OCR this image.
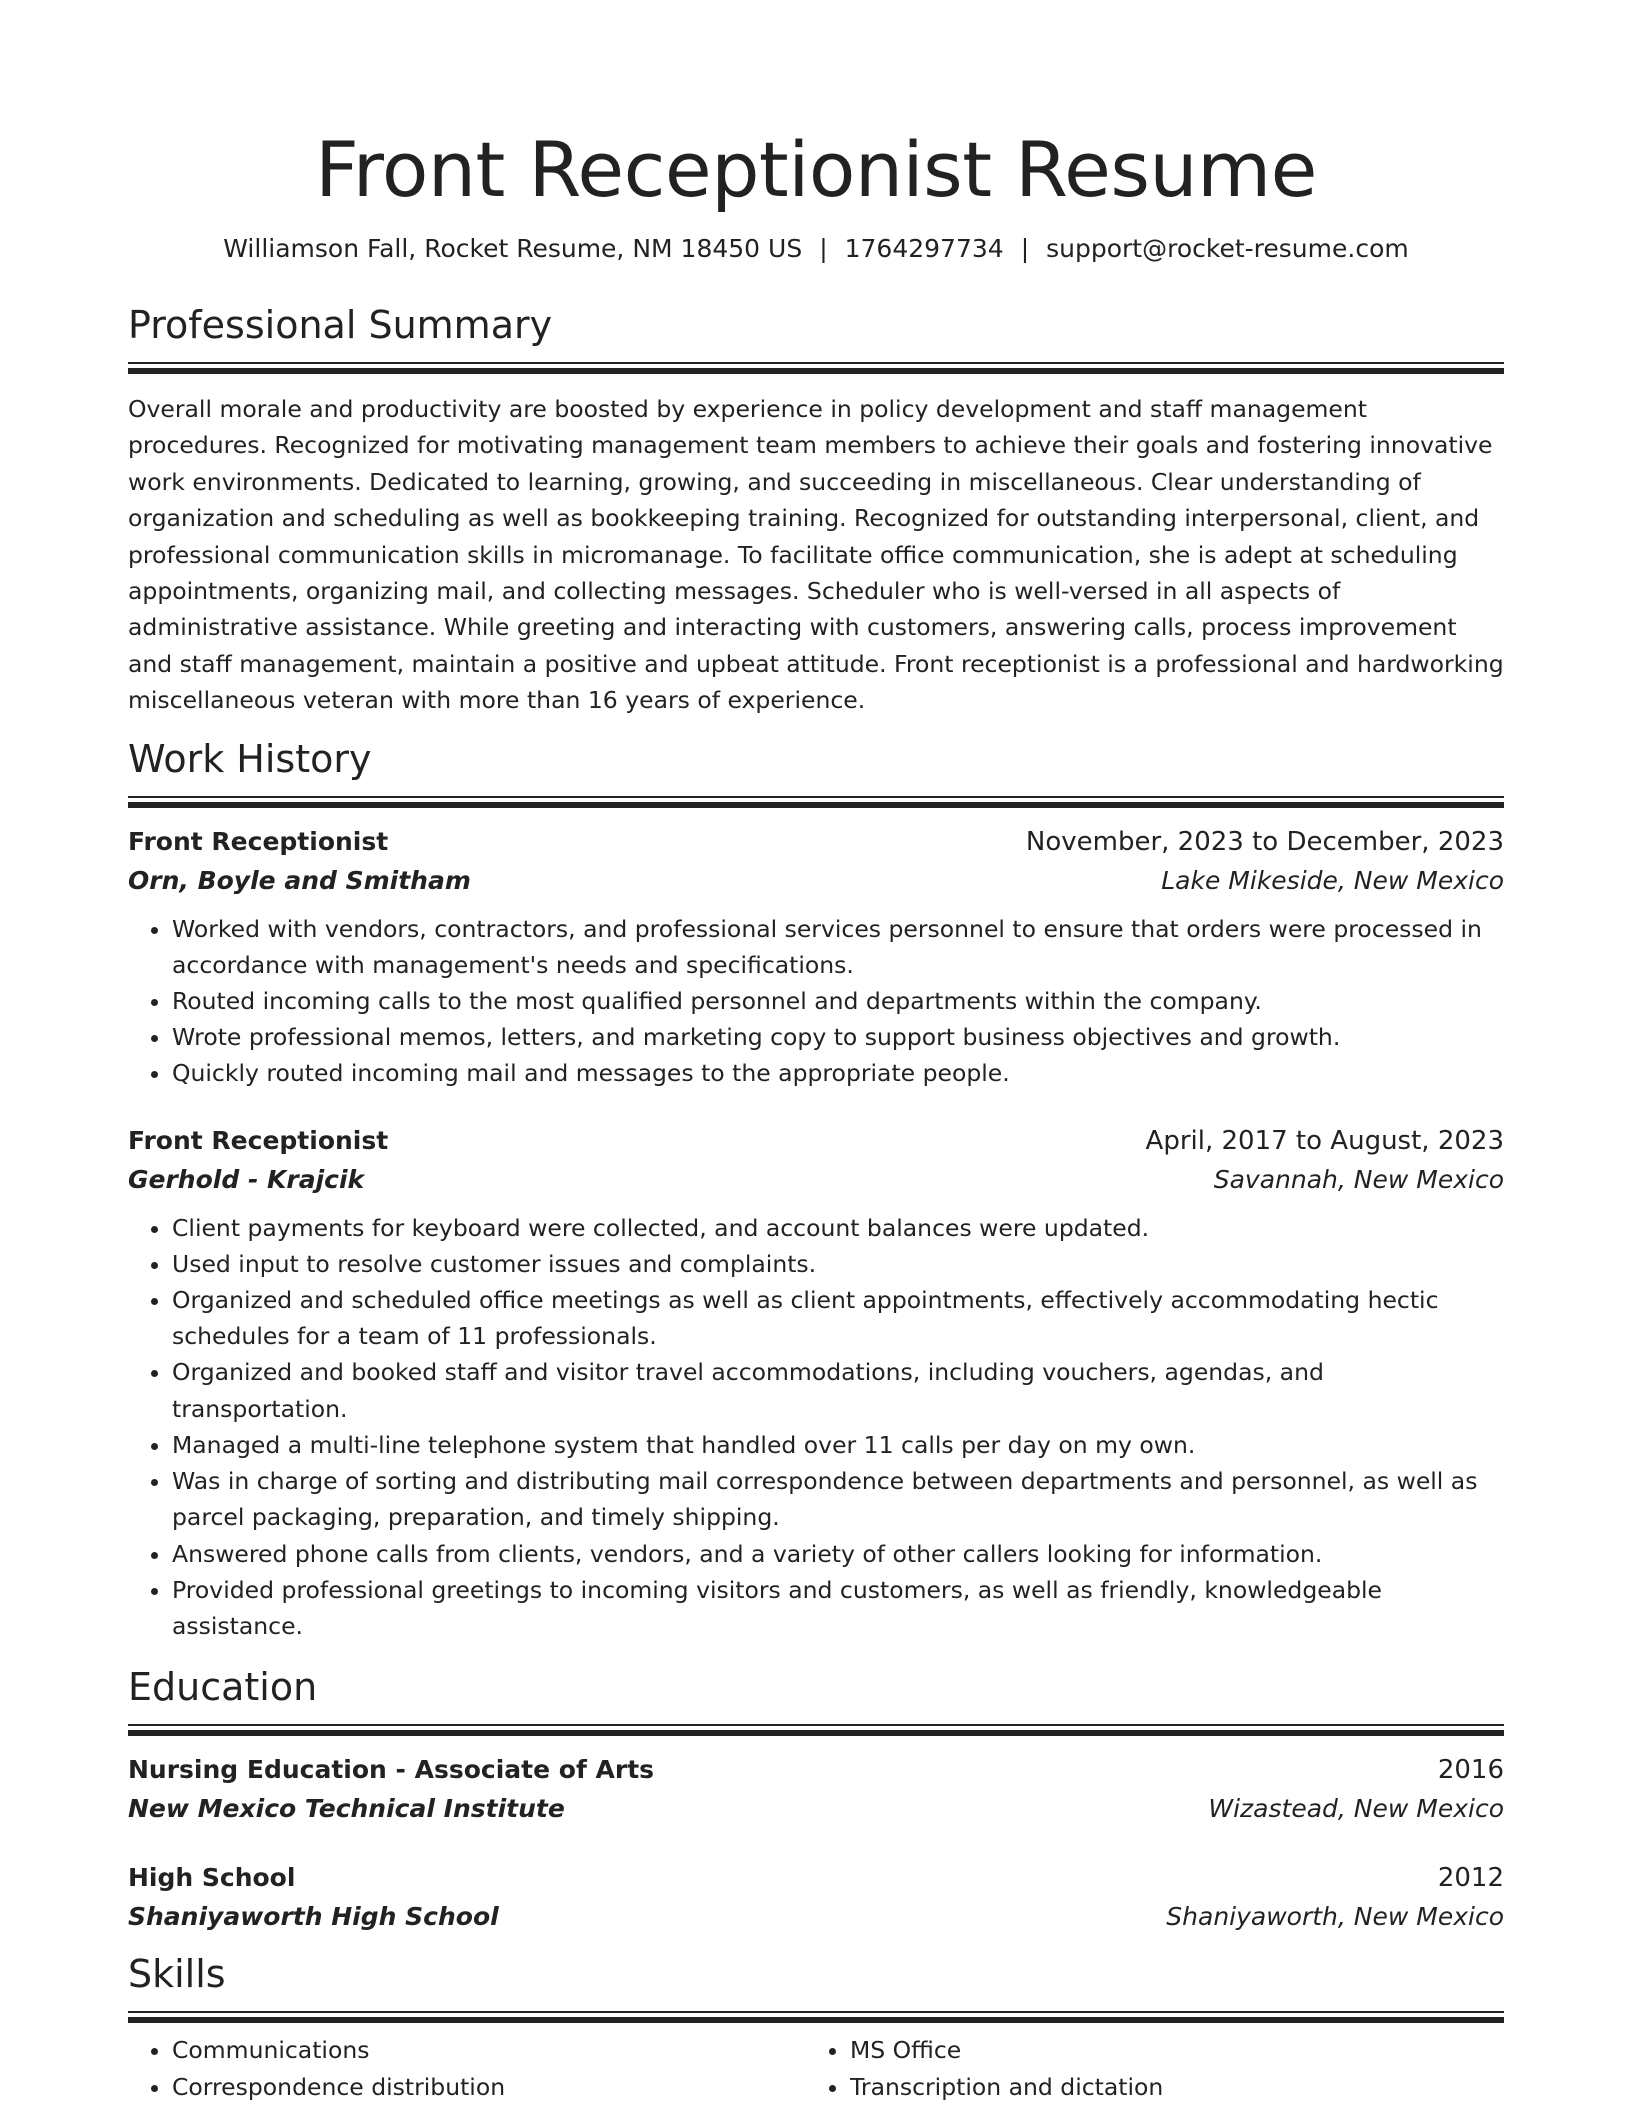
Front Receptionist Resume
Williamson Fall, Rocket Resume, NM 18450 US | 1764297734 | support@rocket-resume.com
Professional Summary
Overall morale and productivity are boosted by experience in policy development and staff management procedures. Recognized for motivating management team members to achieve their goals and fostering innovative work environments. Dedicated to learning, growing, and succeeding in miscellaneous. Clear understanding of organization and scheduling as well as bookkeeping training. Recognized for outstanding interpersonal, client, and professional communication skills in micromanage. To facilitate office communication, she is adept at scheduling appointments, organizing mail, and collecting messages. Scheduler who is well-versed in all aspects of administrative assistance. While greeting and interacting with customers, answering calls, process improvement and staff management, maintain a positive and upbeat attitude. Front receptionist is a professional and hardworking miscellaneous veteran with more than 16 years of experience.
Work History
Front Receptionist	November, 2023 to December, 2023
Orn, Boyle and Smitham	Lake Mikeside, New Mexico
• Worked with vendors, contractors, and professional services personnel to ensure that orders were processed in accordance with management's needs and specifications.
• Routed incoming calls to the most qualified personnel and departments within the company.
• Wrote professional memos, letters, and marketing copy to support business objectives and growth.
• Quickly routed incoming mail and messages to the appropriate people.
Front Receptionist	April, 2017 to August, 2023
Gerhold - Krajcik	Savannah, New Mexico
• Client payments for keyboard were collected, and account balances were updated.
• Used input to resolve customer issues and complaints.
• Organized and scheduled office meetings as well as client appointments, effectively accommodating hectic schedules for a team of 11 professionals.
• Organized and booked staff and visitor travel accommodations, including vouchers, agendas, and transportation.
• Managed a multi-line telephone system that handled over 11 calls per day on my own.
• Was in charge of sorting and distributing mail correspondence between departments and personnel, as well as parcel packaging, preparation, and timely shipping.
• Answered phone calls from clients, vendors, and a variety of other callers looking for information.
• Provided professional greetings to incoming visitors and customers, as well as friendly, knowledgeable assistance.
Education
Nursing Education - Associate of Arts	2016
New Mexico Technical Institute	Wizastead, New Mexico
High School	2012
Shaniyaworth High School	Shaniyaworth, New Mexico
Skills
• Communications
• Correspondence distribution
• MS Office
• Transcription and dictation
